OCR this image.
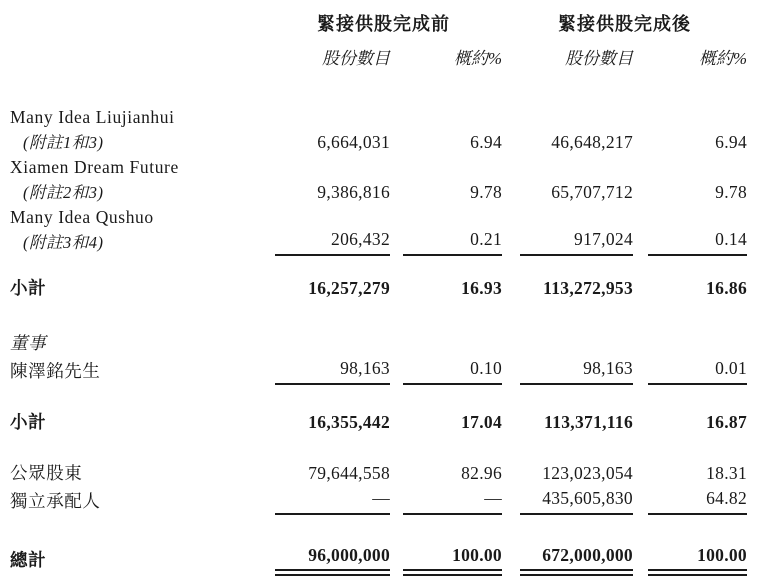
	緊接供股完成前				緊接供股完成後			
		股份數目		概約%		股份數目		概約%

Many Idea Liujianhui
(附註1和3)		6,664,031		6.94		46,648,217		6.94

Xiamen Dream Future
(附註2和3)		9,386,816		9.78		65,707,712		9.78

Many Idea Qushuo
(附註3和4)		206,432		0.21		917,024		0.14

小計		16,257,279		16.93		113,272,953		16.86

董事								

陳澤銘先生		98,163		0.10		98,163		0.01

小計		16,355,442		17.04		113,371,116		16.87

公眾股東		79,644,558		82.96		123,023,054		18.31

獨立承配人		—		—		435,605,830		64.82

總計		96,000,000		100.00		672,000,000		100.00
